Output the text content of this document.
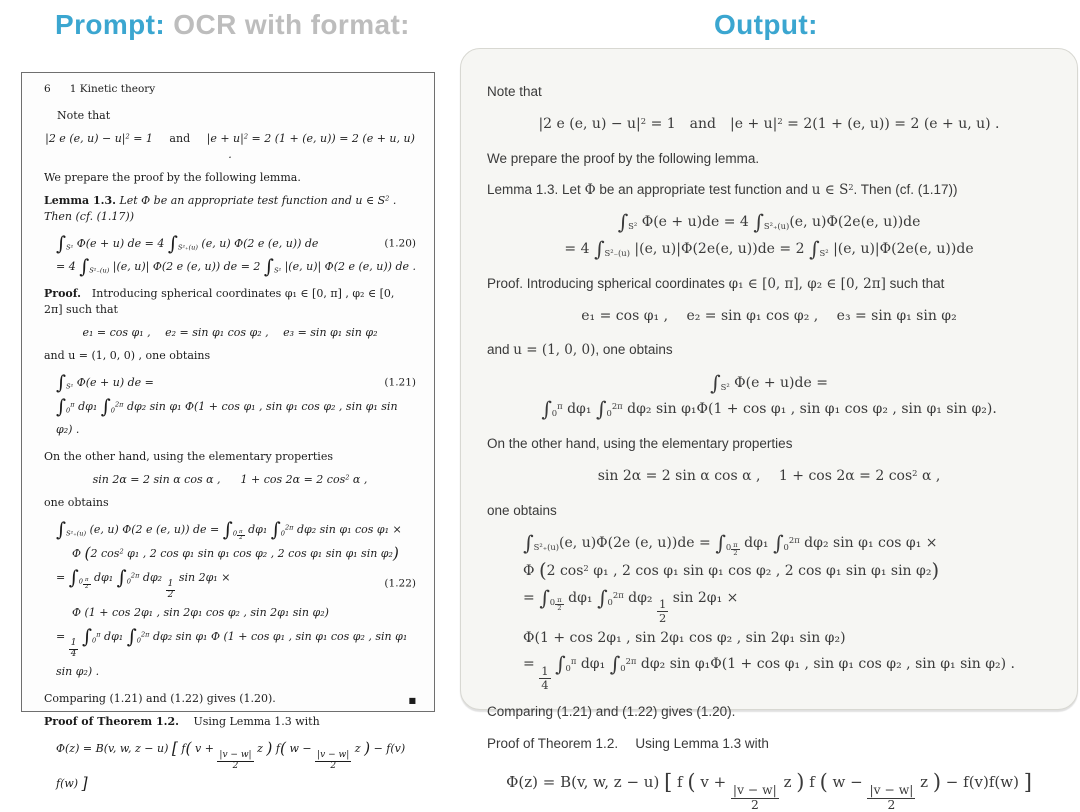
Prompt: OCR with format:	Output:
6   1 Kinetic theory
Note that
|2 e (e, $u) - u|^2 = 1$   and   $|e + u|^2 = 2$ (1 + (e, u)) = 2 (e + u, u) .
We prepare the proof by the following lemma.
Lemma 1.3. Let Φ be an appropriate test function and u ∈ $S^2$ . Then (cf. (1.17))
$\int_{S^2}$ Φ(e + u) de = 4 $\int_{S^2_+(u)}$ (e, u) Φ(2 e (e, u)) de	(1.20)
= 4 $\int_{S^2_-(u)}$ |(e, u)| Φ(2 e (e, u)) de = 2 $\int_{S^2}$ |(e, u)| Φ(2 e (e, u)) de .
Proof. Introducing spherical coordinates φ₁ ∈ [0, π] , φ₂ ∈ [0, 2π] such that
e₁ = cos φ₁ ,  e₂ = sin φ₁ cos φ₂ ,  e₃ = sin φ₁ sin φ₂
and u = (1, 0, 0) , one obtains
$\int_{S^2}$ Φ(e + u) de =	(1.21)
$\int_0^\pi$ dφ₁ $\int_0^{2\pi}$ dφ₂ sin φ₁ Φ(1 + cos φ₁ , sin φ₁ cos φ₂ , sin φ₁ sin φ₂) .
On the other hand, using the elementary properties
sin 2α = 2 sin α cos α ,   1 + cos 2α = 2 $\cos^2 \alpha$ ,
one obtains
$\int_{S^2_+(u)}$ (e, u) Φ(2 e (e, u)) de = $\int_0$ $^{\frac{\pi}{2}}$
dφ₁ $\int_0^{2\pi}$ dφ₂ sin φ₁ cos φ₁ ×
Φ (2 $\cos^2 \varphi_1$ , 2 cos φ₁ sin φ₁ cos φ₂ , 2 cos φ₁ sin φ₁ sin φ₂)
= $\int_0$ $^{\frac{\pi}{2}}$
dφ₁ $\int_0^{2\pi}$ dφ₂
$\frac{1}{2}$
sin 2φ₁ ×	(1.22)
Φ (1 + cos 2φ₁ , sin 2φ₁ cos φ₂ , sin 2φ₁ sin φ₂)
=
$\frac{1}{4}$
$\int_0^\pi$ dφ₁ $\int_0^{2\pi}$ dφ₂ sin φ₁ Φ (1 + cos φ₁ , sin φ₁ cos φ₂ , sin φ₁ sin φ₂) .
Comparing (1.21) and (1.22) gives (1.20).	■
Proof of Theorem 1.2.  Using Lemma 1.3 with
Φ(z) = B(v, w, z − u) [ f( v +
$\frac{|v - w|}{2}$
z ) f( w −
$\frac{|v - w|}{2}$
z ) − f(v) f(w) ]
Note that
|2 e (e, $u) - u|^2 = 1$  and  $|e + u|^2 = 2(1 + (e$, u)) = 2 (e + u, u) .
We prepare the proof by the following lemma.
Lemma 1.3. Let Φ be an appropriate test function and u ∈ $S^2$. Then (cf. (1.17))
$\int_{S^2}$ Φ(e + u)de = 4 $\int_{S^2_+(u)}(e$, u)Φ(2e(e, u))de
= 4 $\int_{S^2_-(u)}$ |(e, u)|Φ(2e(e, u))de = 2 $\int_{S^2}$ |(e, u)|Φ(2e(e, u))de
Proof. Introducing spherical coordinates φ₁ ∈ [0, π], φ₂ ∈ [0, 2π] such that
e₁ = cos φ₁ ,  e₂ = sin φ₁ cos φ₂ ,  e₃ = sin φ₁ sin φ₂
and u = (1, 0, 0), one obtains
$\int_{S^2}$ Φ(e + u)de =
$\int_0^\pi$ dφ₁ $\int_0^{2\pi}$ dφ₂ sin φ₁Φ(1 + cos φ₁ , sin φ₁ cos φ₂ , sin φ₁ sin φ₂).
On the other hand, using the elementary properties
sin 2α = 2 sin α cos α ,  1 + cos 2α = 2 $\cos^2 \alpha$ ,
one obtains
$\int_{S^2_+(u)}(e$, u)Φ(2e (e, $u))de = \int_0$ $^{\frac{\pi}{2}}$ dφ₁ $\int_0^{2\pi}$ dφ₂ sin φ₁ cos φ₁ ×
Φ (2 $\cos^2 \varphi_1$ , 2 cos φ₁ sin φ₁ cos φ₂ , 2 cos φ₁ sin φ₁ sin φ₂)
= $\int_0$ $^{\frac{\pi}{2}}$ dφ₁ $\int_0^{2\pi}$ dφ₂
$\frac{1}{2}$
sin 2φ₁ ×
Φ(1 + cos 2φ₁ , sin 2φ₁ cos φ₂ , sin 2φ₁ sin φ₂)
=
$\frac{1}{4}$
$\int_0^\pi$ dφ₁ $\int_0^{2\pi}$ dφ₂ sin φ₁Φ(1 + cos φ₁ , sin φ₁ cos φ₂ , sin φ₁ sin φ₂) .
Comparing (1.21) and (1.22) gives (1.20).
Proof of Theorem 1.2.  Using Lemma 1.3 with
Φ(z) = B(v, w, z − u) [ f ( v +
$\frac{|v - w|}{2}$
z ) f ( w −
$\frac{|v - w|}{2}$
z ) − f(v)f(w) ]
